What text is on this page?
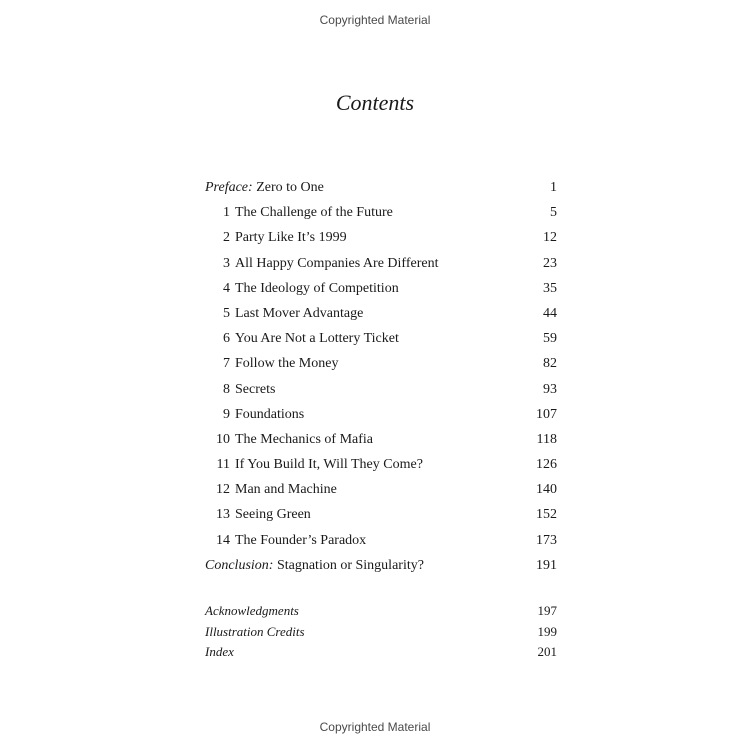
Copyrighted Material
Contents
Preface: Zero to One	1
1 The Challenge of the Future	5
2 Party Like It’s 1999	12
3 All Happy Companies Are Different	23
4 The Ideology of Competition	35
5 Last Mover Advantage	44
6 You Are Not a Lottery Ticket	59
7 Follow the Money	82
8 Secrets	93
9 Foundations	107
10 The Mechanics of Mafia	118
11 If You Build It, Will They Come?	126
12 Man and Machine	140
13 Seeing Green	152
14 The Founder’s Paradox	173
Conclusion: Stagnation or Singularity?	191
Acknowledgments	197
Illustration Credits	199
Index	201
Copyrighted Material
